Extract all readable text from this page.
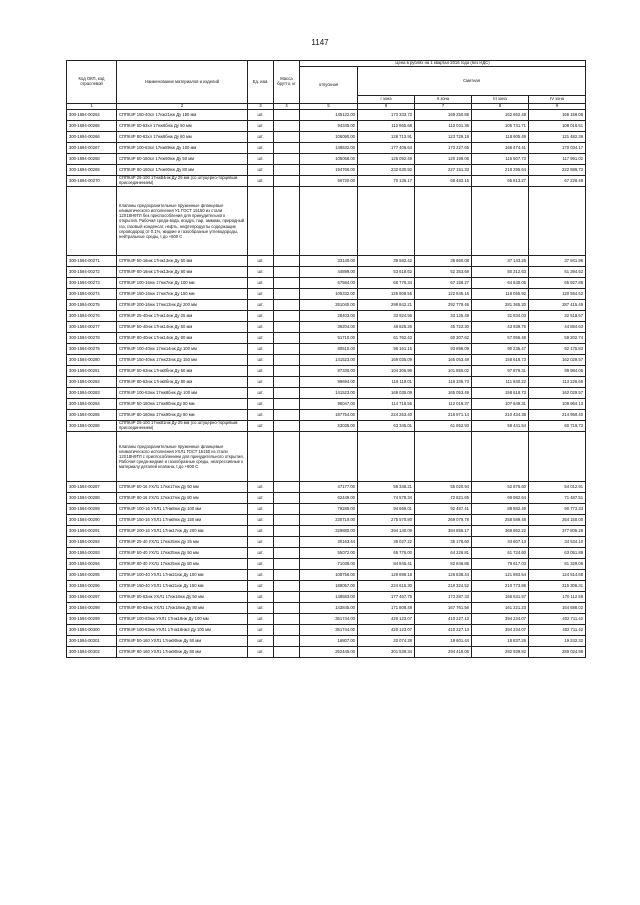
1147
Код ОКП, код отраслевой	Наименование материалов и изделий	Ед. изм.	Масса брутто, кг	Цена в рублях на 1 квартал 2016 года (без НДС)				
				отпускная	Сметная			
					I зона	II зона	III зона	IV зона
1	2	3	4	5	6	7	8	9
300-1694-00264	СППК4Р 150-40хл 17нж21нж Ду 150 мм	шт.		145122.00	173 333.73	169 250.88	162 652.49	166 159.06
300-1694-00265	СППК4Р 50-63хл 17нж6бнж Ду 50 мм	шт.		94345.00	112 665.68	110 031.36	105 741.71	108 016.51
300-1694-00266	СППК4Р 80-63хл 17нж8бнж Ду 80 мм	шт.		106090.00	126 713.91	123 729.18	118 905.49	121 482.36
300-1694-00267	СППК4Р 100-63хл 17нж89нж Ду 100 мм	шт.		148532.00	177 406.64	173 227.65	166 474.41	170 034.17
300-1694-00268	СППК4Р 50-160хл 17нж90нж Ду 50 мм	шт.		105058.00	125 092.49	120 199.06	115 507.73	117 991.02
300-1694-00269	СППК4Р 80-160хл 17нж90нж Ду 80 мм	шт.		194766.00	232 630.92	227 151.33	218 295.64	222 989.73
300-1694-00270	СППК4Р 25-100 17нж84нж Ду 25 мм (со штуцерно-торцевым присоединением)	шт.		56720.00	70 135.17	68 483.15	65 813.27	67 228.48
	Клапаны предохранительные пружинные фланцевые климатического исполнения У1 ГОСТ 15150 из стали 12Х18Н9ТЛ без приспособления для принудительного открытия. Рабочая среда-вода, воздух, пар, аммиак, природный газ, газовый конденсат, нефть, нефтепродукты содержащие сероводород от 0.1%, жидкие и газообразные углеводороды, нейтральные среды, t до +600 С							
300-1594-00271	СППК4Р 50-16нж 17нж13нж Ду 50 мм	шт.		33140.00	39 582.42	38 650.08	37 143.25	37 941.96
300-1594-00272	СППК4Р 80-16нж 17нж13нж Ду 80 мм	шт.		44899.00	53 618.62	52 353.69	50 312.63	51 394.52
300-1594-00273	СППК4Р 100-16нж 17нж7нж Ду 100 мм	шт.		57584.00	68 778.34	67 158.27	64 540.05	65 927.88
300-1594-00274	СППК4Р 150-16нж 17нж7нж Ду 150 мм	шт.		105332.00	125 808.55	122 845.16	118 055.92	120 594.52
300-1594-00275	СППК4Р 200-16нж 17нж13нж Ду 200 мм	шт.		251040.00	299 842.21	292 779.46	281 365.20	287 415.49
300-1594-00276	СППК4Р 25-40нж 17нж14нж Ду 25 мм	шт.		28403.00	33 924.56	33 125.49	31 834.03	32 518.57
300-1594-00277	СППК4Р 50-40нж 17нж14нж Ду 50 мм	шт.		39204.00	46 825.26	45 722.30	43 939.76	44 884.63
300-1594-00278	СППК4Р 80-40нж 17нж14нж Ду 80 мм	шт.		51710.00	61 762.43	60 307.62	57 956.48	59 202.74
300-1594-00279	СППК4Р 100-40нж 17нж14нж Ду 100 мм	шт.		80510.00	96 161.15	93 896.09	90 235.47	92 175.83
300-1594-00280	СППК4Р 150-40нж 17нж23нж Ду 150 мм	шт.		141523.00	169 035.09	165 053.49	158 618.73	162 029.57
300-1594-00281	СППК4Р 50-63нж 17нж8бнж Ду 50 мм	шт.		87330.00	104 306.96	101 850.02	97 879.31	99 984.05
300-1594-00282	СППК4Р 80-63нж 17нж8бнж Ду 80 мм	шт.		99694.00	119 119.01	116 335.73	111 840.22	113 226.66
300-1594-00283	СППК4Р 100-63нж 17нж8бнж Ду 100 мм	шт.		141523.00	169 035.09	165 053.49	158 618.73	162 029.57
300-1594-00284	СППК4Р 50-160нж 17нж90нж Ду 50 мм	шт.		96047.00	114 718.55	112 016.37	107 649.31	109 964.13
300-1594-00285	СППК4Р 80-160нж 17нж90нж Ду 80 мм	шт.		187754.00	224 253.40	218 971.14	210 434.38	214 959.40
300-1594-00286	СППК4Р 25-100 17нж81нж Ду 25 мм (со штуцерно-торцевым присоединением)	шт.		53035.00	63 345.01	61 852.93	59 441.54	60 719.73
	Клапаны предохранительные пружинные фланцевые климатического исполнения УХЛ1 ГОСТ 15150 из стали 12Х18Н9ТЛ с приспособлением для принудительного открытия. Рабочая среда-жидкие и газообразные среды, неагрессивные к материалу деталей клапана, t до +600 С							
300-1594-00287	СППК4Р 50-16 УХЛ1 17нж17нж Ду 50 мм	шт.		47177.00	56 348.21	55 020.94	52 875.60	54 012.91
300-1594-00288	СППК4Р 80-16 УХЛ1 17нж17нж Ду 80 мм	шт.		62449.00	74 578.34	72 821.65	69 982.64	71 487.51
300-1594-00289	СППК4Р 100-16 УХЛ1 17нж8нж Ду 100 мм	шт.		79285.00	94 669.01	92 487.41	88 882.49	90 773.33
300-1594-00290	СППК4Р 150-16 УХЛ1 17нж8нж Ду 150 мм	шт.		230719.00	275 570.80	269 079.78	258 589.48	264 150.00
300-1594-00291	СППК4Р 200-16 УХЛ1 17нж17нж Ду 200 мм	шт.		329880.00	394 140.09	384 856.17	369 862.22	377 805.28
300-1594-00292	СППК4Р 25-40 УХЛ1 17нж25нж Ду 25 мм	шт.		30163.44	36 027.22	35 178.60	33 807.13	34 534.10
300-1594-00293	СППК4Р 50-40 УХЛ1 17нж25нж Ду 50 мм	шт.		55072.00	65 776.00	64 226.81	61 724.60	63 051.89
300-1594-00294	СППК4Р 80-40 УХЛ1 17нж25нж Ду 80 мм	шт.		71038.00	84 845.41	82 846.85	79 617.03	81 329.06
300-1594-00295	СППК4Р 100-40 УХЛ1 17нж21нж Ду 100 мм	шт.		108756.00	129 898.18	126 838.44	121 893.54	124 514.68
300-1594-00296	СППК4Р 150-40 УХЛ1 17нж21нж Ду 150 мм	шт.		188057.00	224 615.30	219 324.52	210 773.86	215 306.31
300-1594-00297	СППК4Р 50-63нж УХЛ1 17нж18нж Ду 50 мм	шт.		148583.00	177 467.75	173 287.33	166 531.57	170 112.59
300-1594-00298	СППК4Р 80-63нж УХЛ1 17нж18нж Ду 80 мм	шт.		143845.00	171 808.48	167 761.56	161 221.23	164 688.02
300-1594-00299	СППК4Р 100-63нж УХЛ1 17нж18нж Ду 100 мм	шт.		351744.00	420 123.07	410 227.13	394 234.07	402 711.42
300-1594-00300	СППК4Р 100-63нж УХЛ1 17нж18нж2 Ду 100 мм	шт.		351744.00	420 123.07	410 227.13	394 234.07	402 711.42
300-1594-00301	СППК4Р 50-160 УХЛ1 17нж90нж Ду 50 мм	шт.		16807.00	20 074.28	19 601.44	18 837.26	19 242.32
300-1594-00302	СППК4Р 80-160 УХЛ1 17нж90нж Ду 80 мм	шт.		252445.00	301 539.34	294 418.06	282 939.82	289 024.98
